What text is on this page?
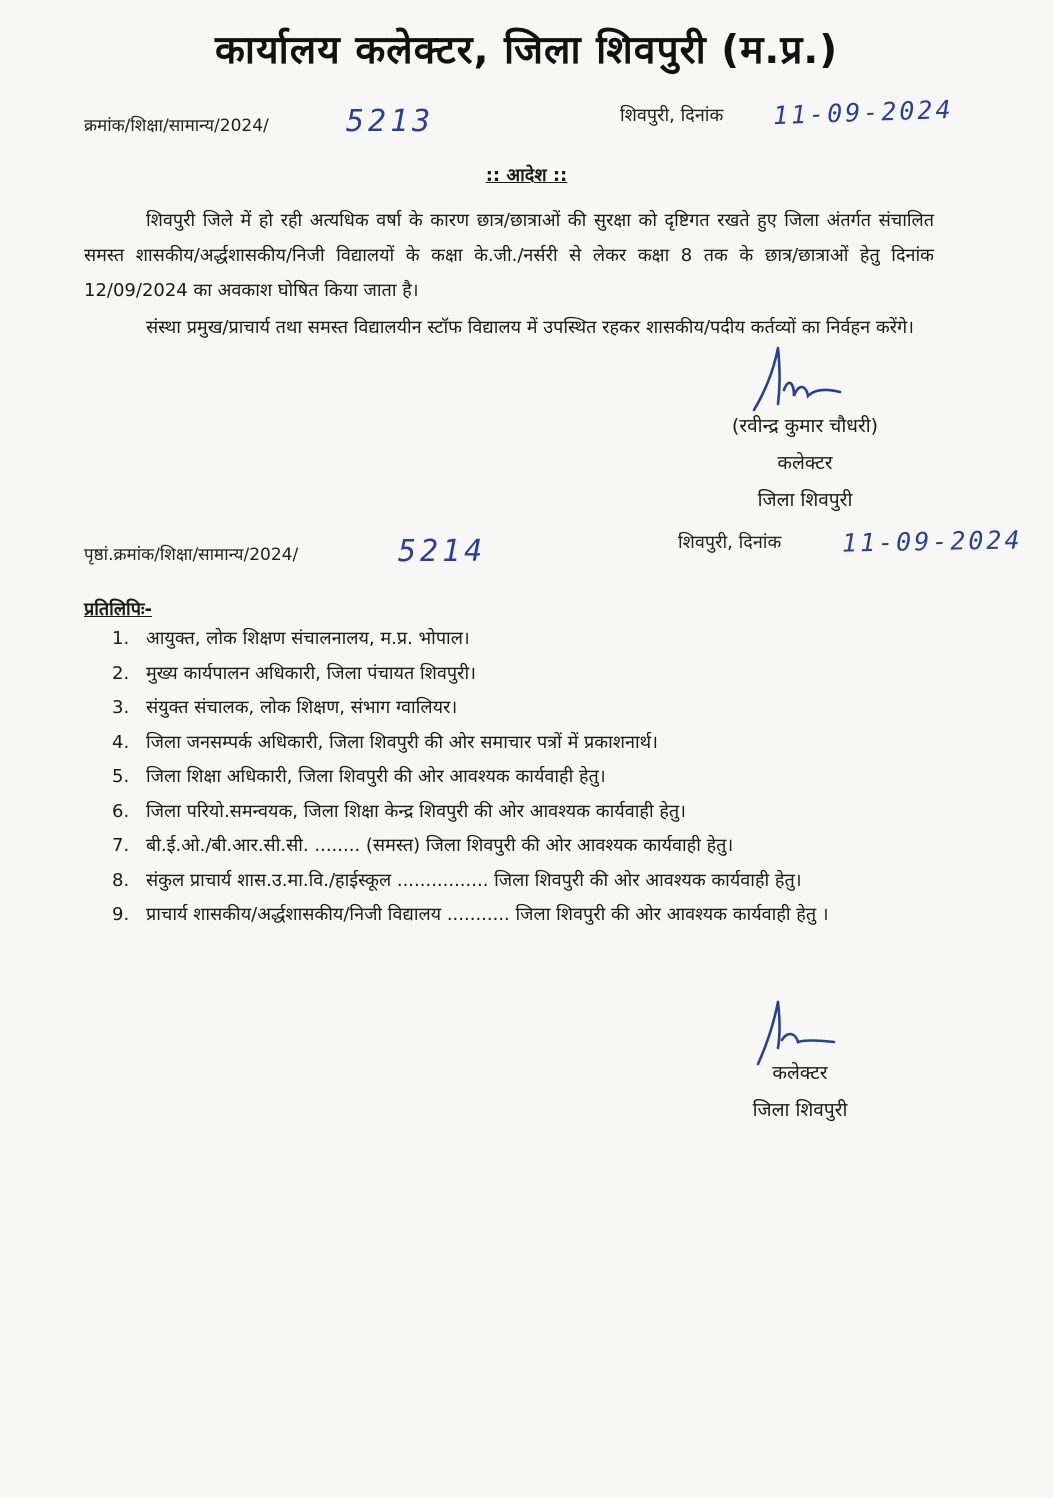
कार्यालय कलेक्टर, जिला शिवपुरी (म.प्र.)
क्रमांक/शिक्षा/सामान्य/2024/	5213	शिवपुरी, दिनांक 11-09-2024
:: आदेश ::
शिवपुरी जिले में हो रही अत्यधिक वर्षा के कारण छात्र/छात्राओं की सुरक्षा को दृष्टिगत रखते हुए जिला अंतर्गत संचालित समस्त शासकीय/अर्द्धशासकीय/निजी विद्यालयों के कक्षा के.जी./नर्सरी से लेकर कक्षा 8 तक के छात्र/छात्राओं हेतु दिनांक 12/09/2024 का अवकाश घोषित किया जाता है।
संस्था प्रमुख/प्राचार्य तथा समस्त विद्यालयीन स्टॉफ विद्यालय में उपस्थित रहकर शासकीय/पदीय कर्तव्यों का निर्वहन करेंगे।
(रवीन्द्र कुमार चौधरी)
कलेक्टर
जिला शिवपुरी
पृष्ठां.क्रमांक/शिक्षा/सामान्य/2024/	5214	शिवपुरी, दिनांक 11-09-2024
प्रतिलिपिः-
1. आयुक्त, लोक शिक्षण संचालनालय, म.प्र. भोपाल।
2. मुख्य कार्यपालन अधिकारी, जिला पंचायत शिवपुरी।
3. संयुक्त संचालक, लोक शिक्षण, संभाग ग्वालियर।
4. जिला जनसम्पर्क अधिकारी, जिला शिवपुरी की ओर समाचार पत्रों में प्रकाशनार्थ।
5. जिला शिक्षा अधिकारी, जिला शिवपुरी की ओर आवश्यक कार्यवाही हेतु।
6. जिला परियो.समन्वयक, जिला शिक्षा केन्द्र शिवपुरी की ओर आवश्यक कार्यवाही हेतु।
7. बी.ई.ओ./बी.आर.सी.सी. ........ (समस्त) जिला शिवपुरी की ओर आवश्यक कार्यवाही हेतु।
8. संकुल प्राचार्य शास.उ.मा.वि./हाईस्कूल ................ जिला शिवपुरी की ओर आवश्यक कार्यवाही हेतु।
9. प्राचार्य शासकीय/अर्द्धशासकीय/निजी विद्यालय ........... जिला शिवपुरी की ओर आवश्यक कार्यवाही हेतु ।
कलेक्टर
जिला शिवपुरी
